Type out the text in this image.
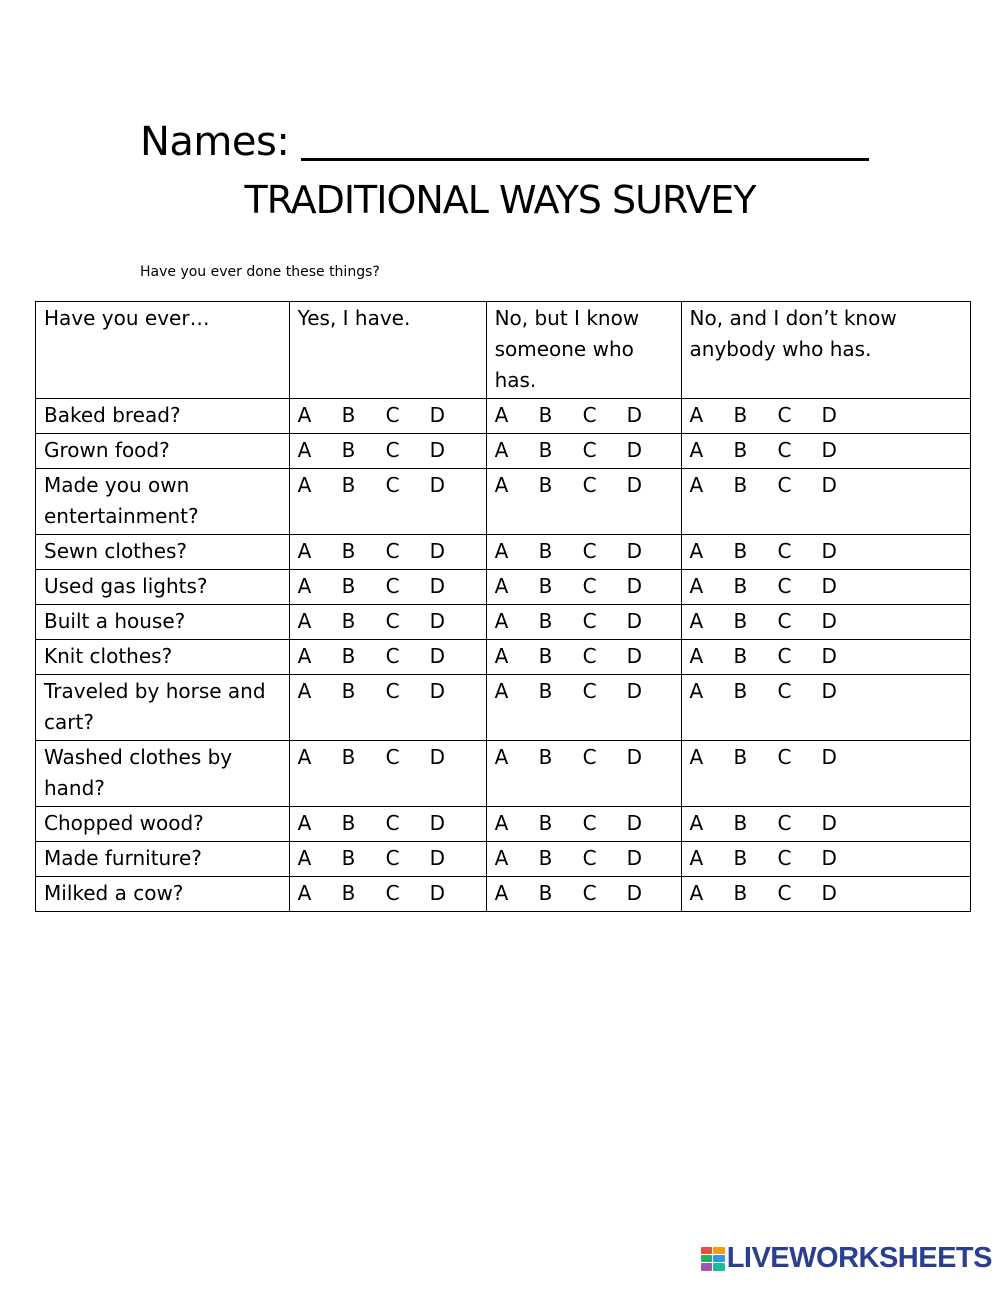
Names:
TRADITIONAL WAYS SURVEY
Have you ever done these things?
Have you ever…	Yes, I have.	No, but I know someone who has.	No, and I don’t know anybody who has.
Baked bread?	A B C D	A B C D	A B C D

Grown food?	A B C D	A B C D	A B C D

Made you own entertainment?	A B C D	A B C D	A B C D

Sewn clothes?	A B C D	A B C D	A B C D

Used gas lights?	A B C D	A B C D	A B C D

Built a house?	A B C D	A B C D	A B C D

Knit clothes?	A B C D	A B C D	A B C D

Traveled by horse and cart?	A B C D	A B C D	A B C D

Washed clothes by hand?	A B C D	A B C D	A B C D

Chopped wood?	A B C D	A B C D	A B C D

Made furniture?	A B C D	A B C D	A B C D

Milked a cow?	A B C D	A B C D	A B C D
LIVEWORKSHEETS
